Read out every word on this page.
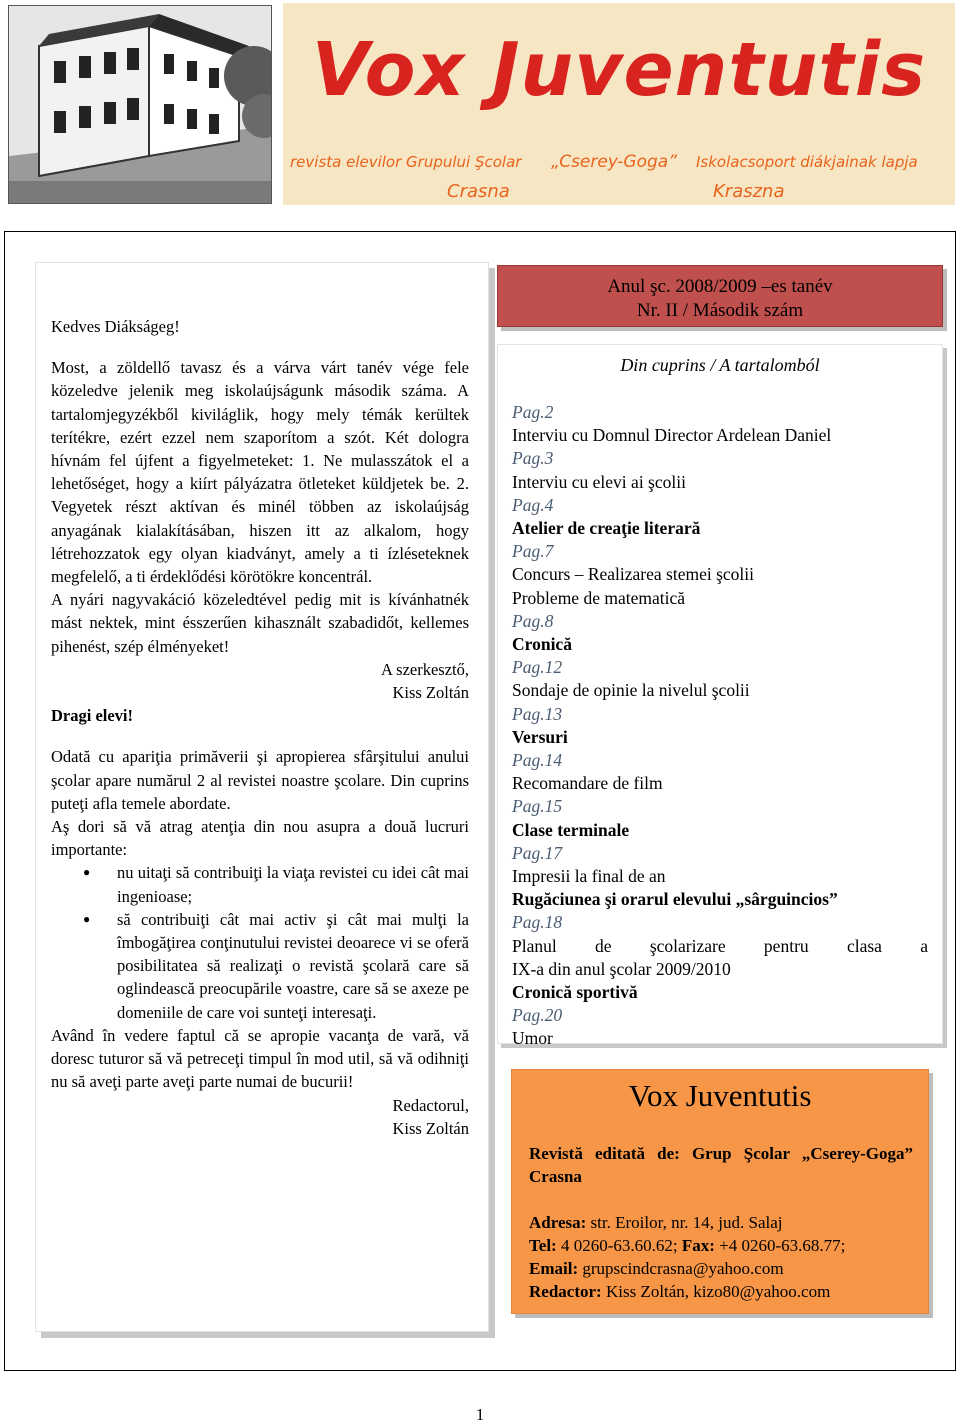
Vox Juventutis
revista elevilor Grupului Şcolar „Cserey-Goga” Iskolacsoport diákjainak lapja
Crasna	Kraszna

Kedves Diákságeg!

Most, a zöldellő tavasz és a várva várt tanév vége fele közeledve jelenik meg iskolaújságunk második száma. A tartalomjegyzékből kiviláglik, hogy mely témák kerültek terítékre, ezért ezzel nem szaporítom a szót. Két dologra hívnám fel újfent a figyelmeteket: 1. Ne mulasszátok el a lehetőséget, hogy a kiírt pályázatra ötleteket küldjetek be. 2. Vegyetek részt aktívan és minél többen az iskolaújság anyagának kialakításában, hiszen itt az alkalom, hogy létrehozzatok egy olyan kiadványt, amely a ti ízléseteknek megfelelő, a ti érdeklődési körötökre koncentrál.

A nyári nagyvakáció közeledtével pedig mit is kívánhatnék mást nektek, mint ésszerűen kihasznált szabadidőt, kellemes pihenést, szép élményeket!

A szerkesztő,

Kiss Zoltán

Dragi elevi!

Odată cu apariţia primăverii şi apropierea sfârşitului anului şcolar apare numărul 2 al revistei noastre şcolare. Din cuprins puteţi afla temele abordate.

Aş dori să vă atrag atenţia din nou asupra a două lucruri importante:

● nu uitaţi să contribuiţi la viaţa revistei cu idei cât mai ingenioase;
● să contribuiţi cât mai activ şi cât mai mulţi la îmbogăţirea conţinutului revistei deoarece vi se oferă posibilitatea să realizaţi o revistă şcolară care să oglindească preocupările voastre, care să se axeze pe domeniile de care voi sunteţi interesaţi.

Având în vedere faptul că se apropie vacanţa de vară, vă doresc tuturor să vă petreceţi timpul în mod util, să vă odihniţi nu să aveţi parte aveţi parte numai de bucurii!

Redactorul,

Kiss Zoltán

Anul şc. 2008/2009 –es tanév
Nr. II / Második szám
Din cuprins / A tartalomból

Pag.2

Interviu cu Domnul Director Ardelean Daniel

Pag.3

Interviu cu elevi ai şcolii

Pag.4

Atelier de creaţie literară

Pag.7

Concurs – Realizarea stemei şcolii

Probleme de matematică

Pag.8

Cronică

Pag.12

Sondaje de opinie la nivelul şcolii

Pag.13

Versuri

Pag.14

Recomandare de film

Pag.15

Clase terminale

Pag.17

Impresii la final de an

Rugăciunea şi orarul elevului „sârguincios”

Pag.18

Planul de şcolarizare pentru clasa a

IX-a din anul şcolar 2009/2010

Cronică sportivă

Pag.20

Umor

Vox Juventutis

Revistă editată de: Grup Şcolar „Cserey-Goga” Crasna

Adresa: str. Eroilor, nr. 14, jud. Salaj

Tel: 4 0260-63.60.62; Fax: +4 0260-63.68.77;

Email: grupscindcrasna@yahoo.com

Redactor: Kiss Zoltán, kizo80@yahoo.com

1
